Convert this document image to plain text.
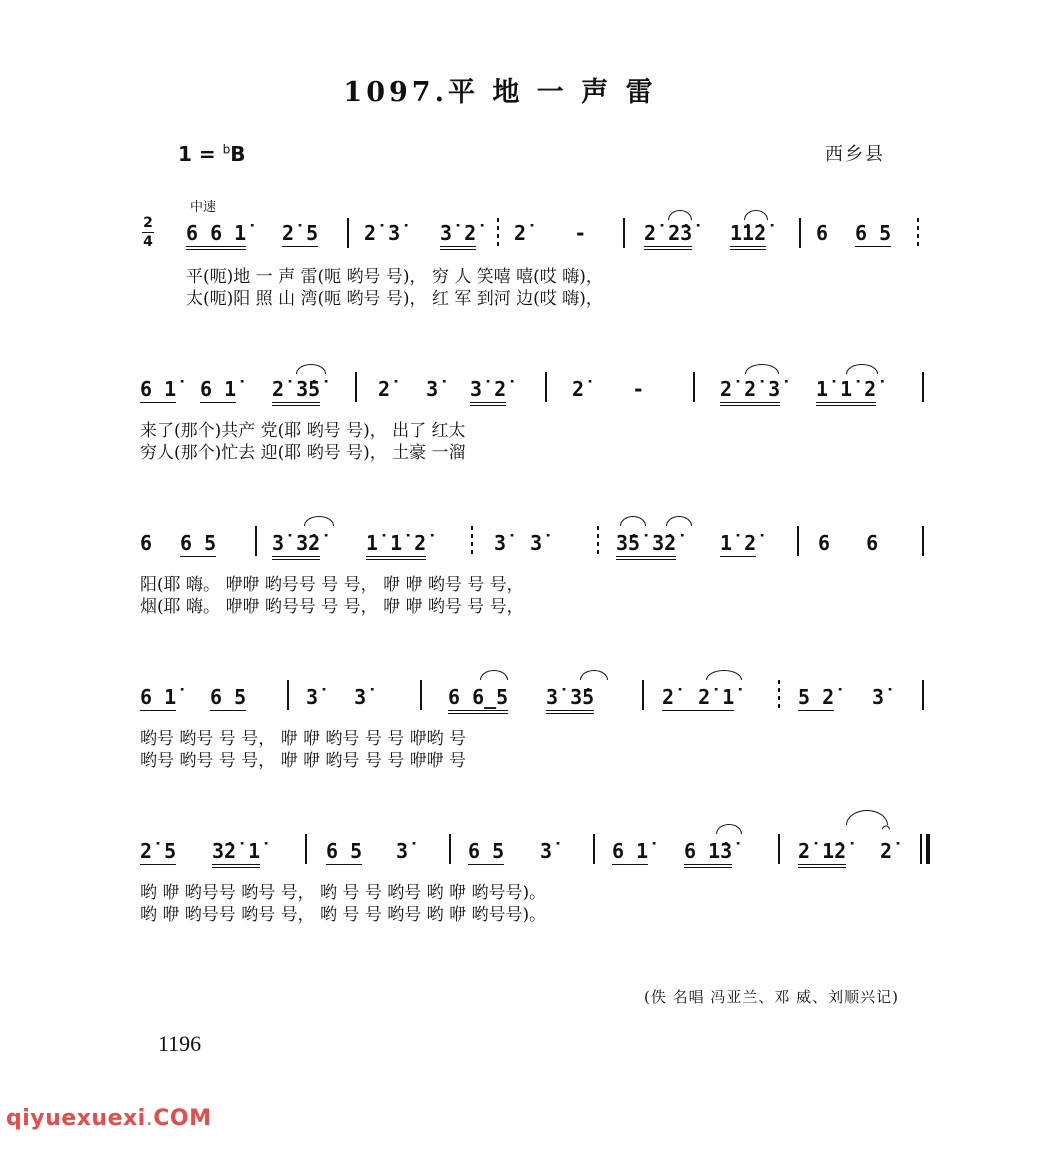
1097.平 地 一 声 雷
1 = $^b$B	西乡县
中速
2
4 6 6 1̇ 2̇ 5 2̇ 3̇ 3̇ 2̇ 2̇    -	2̇ 2̇3̇ 1̇1̇2̇ 6 6 5
平(呃)地 一 声 雷(呃 哟号 号)， 穷 人 笑嘻 嘻(哎 嗨)，
太(呃)阳 照 山 湾(呃 哟号 号)， 红 军 到河 边(哎 嗨)，
6 1̇ 6 1̇ 2̇ 3̇5̇	2̇   3̇ 3̇ 2̇	2̇    -	2̇ 2̇ 3̇ 1̇ 1̇ 2̇
来了(那个)共产 党(耶 哟号 号)， 出了 红太
穷人(那个)忙去 迎(耶 哟号 号)， 土豪 一溜
6 6 5	3̇ 3̇2̇ 1̇ 1̇ 2̇	3̇  3̇	3̇5̇ 3̇2̇ 1̇ 2̇	6   6
阳(耶 嗨。 咿咿 哟号号 号 号， 咿 咿 哟号 号 号，
烟(耶 嗨。 咿咿 哟号号 号 号， 咿 咿 哟号 号 号，
6 1̇ 6 5	3̇   3̇	6 6̲5 3̇ 3̇5	2̇  2̇ 1̇	5 2̇ 3̇
哟号 哟号 号 号， 咿 咿 哟号 号 号 咿哟 号
哟号 哟号 号 号， 咿 咿 哟号 号 号 咿咿 号
2̇ 5 3̇2̇ 1̇	6 5 3̇	6 5 3̇	6 1̇ 6 1̇3̇
⌒
2̇ 1̇2̇ 2̇
哟 咿 哟号号 哟号 号， 哟 号 号 哟号 哟 咿 哟号号)。
哟 咿 哟号号 哟号 号， 哟 号 号 哟号 哟 咿 哟号号)。
(佚 名唱 冯亚兰、邓 威、刘顺兴记)
1196
qiyuexuexi.COM
